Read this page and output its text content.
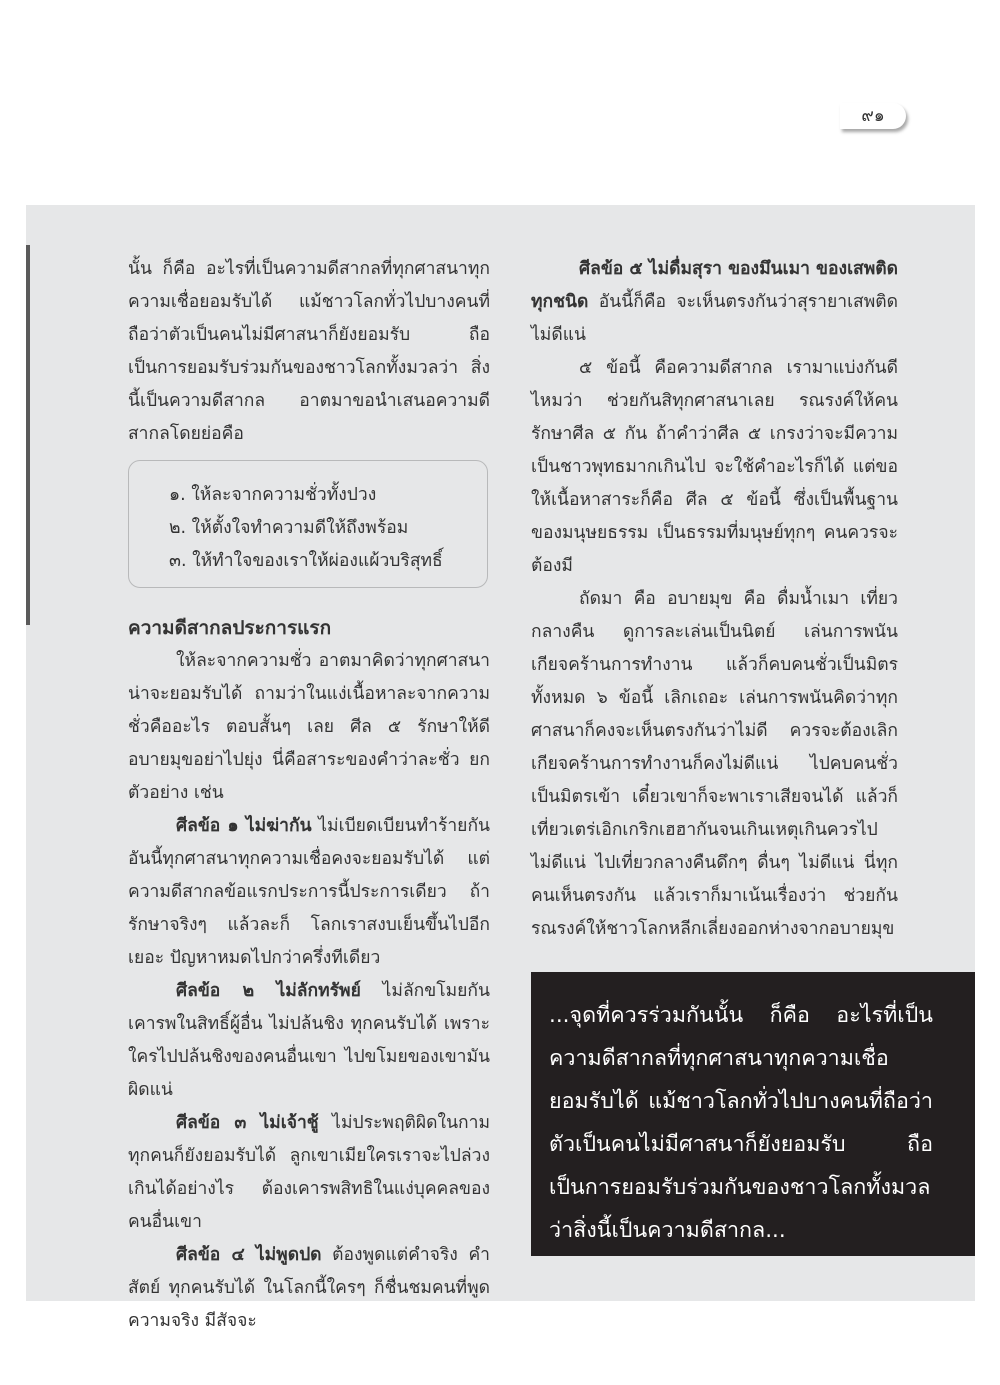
๙๑

นั้น ก็คือ อะไรที่เป็นความดีสากลที่ทุกศาสนาทุกความเชื่อยอมรับได้ แม้ชาวโลกทั่วไปบางคนที่ถือว่าตัวเป็นคนไม่มีศาสนาก็ยังยอมรับ ถือเป็นการยอมรับร่วมกันของชาวโลกทั้งมวลว่า สิ่งนี้เป็นความดีสากล อาตมาขอนำเสนอความดีสากลโดยย่อคือ

๑. ให้ละจากความชั่วทั้งปวง
๒. ให้ตั้งใจทำความดีให้ถึงพร้อม
๓. ให้ทำใจของเราให้ผ่องแผ้วบริสุทธิ์

ความดีสากลประการแรก

ให้ละจากความชั่ว อาตมาคิดว่าทุกศาสนาน่าจะยอมรับได้ ถามว่าในแง่เนื้อหาละจากความชั่วคืออะไร ตอบสั้นๆ เลย ศีล ๕ รักษาให้ดี อบายมุขอย่าไปยุ่ง นี่คือสาระของคำว่าละชั่ว ยกตัวอย่าง เช่น

ศีลข้อ ๑ ไม่ฆ่ากัน ไม่เบียดเบียนทำร้ายกัน อันนี้ทุกศาสนาทุกความเชื่อคงจะยอมรับได้ แต่ความดีสากลข้อแรกประการนี้ประการเดียว ถ้ารักษาจริงๆ แล้วละก็ โลกเราสงบเย็นขึ้นไปอีกเยอะ ปัญหาหมดไปกว่าครึ่งทีเดียว

ศีลข้อ ๒ ไม่ลักทรัพย์ ไม่ลักขโมยกัน เคารพในสิทธิ์ผู้อื่น ไม่ปล้นชิง ทุกคนรับได้ เพราะใครไปปล้นชิงของคนอื่นเขา ไปขโมยของเขามันผิดแน่

ศีลข้อ ๓ ไม่เจ้าชู้ ไม่ประพฤติผิดในกาม ทุกคนก็ยังยอมรับได้ ลูกเขาเมียใครเราจะไปล่วงเกินได้อย่างไร ต้องเคารพสิทธิในแง่บุคคลของคนอื่นเขา

ศีลข้อ ๔ ไม่พูดปด ต้องพูดแต่คำจริง คำสัตย์ ทุกคนรับได้ ในโลกนี้ใครๆ ก็ชื่นชมคนที่พูดความจริง มีสัจจะ

ศีลข้อ ๕ ไม่ดื่มสุรา ของมึนเมา ของเสพติดทุกชนิด อันนี้ก็คือ จะเห็นตรงกันว่าสุรายาเสพติดไม่ดีแน่

๕ ข้อนี้ คือความดีสากล เรามาแบ่งกันดีไหมว่า ช่วยกันสิทุกศาสนาเลย รณรงค์ให้คนรักษาศีล ๕ กัน ถ้าคำว่าศีล ๕ เกรงว่าจะมีความเป็นชาวพุทธมากเกินไป จะใช้คำอะไรก็ได้ แต่ขอให้เนื้อหาสาระก็คือ ศีล ๕ ข้อนี้ ซึ่งเป็นพื้นฐานของมนุษยธรรม เป็นธรรมที่มนุษย์ทุกๆ คนควรจะต้องมี

ถัดมา คือ อบายมุข คือ ดื่มน้ำเมา เที่ยวกลางคืน ดูการละเล่นเป็นนิตย์ เล่นการพนัน เกียจคร้านการทำงาน แล้วก็คบคนชั่วเป็นมิตร ทั้งหมด ๖ ข้อนี้ เลิกเถอะ เล่นการพนันคิดว่าทุกศาสนาก็คงจะเห็นตรงกันว่าไม่ดี ควรจะต้องเลิก เกียจคร้านการทำงานก็คงไม่ดีแน่ ไปคบคนชั่วเป็นมิตรเข้า เดี๋ยวเขาก็จะพาเราเสียจนได้ แล้วก็เที่ยวเตร่เอิกเกริกเฮฮากันจนเกินเหตุเกินควรไปไม่ดีแน่ ไปเที่ยวกลางคืนดึกๆ ดื่นๆ ไม่ดีแน่ นี่ทุกคนเห็นตรงกัน แล้วเราก็มาเน้นเรื่องว่า ช่วยกันรณรงค์ให้ชาวโลกหลีกเลี่ยงออกห่างจากอบายมุข

...จุดที่ควรร่วมกันนั้น ก็คือ อะไรที่เป็นความดีสากลที่ทุกศาสนาทุกความเชื่อยอมรับได้ แม้ชาวโลกทั่วไปบางคนที่ถือว่าตัวเป็นคนไม่มีศาสนาก็ยังยอมรับ ถือเป็นการยอมรับร่วมกันของชาวโลกทั้งมวลว่าสิ่งนี้เป็นความดีสากล...
